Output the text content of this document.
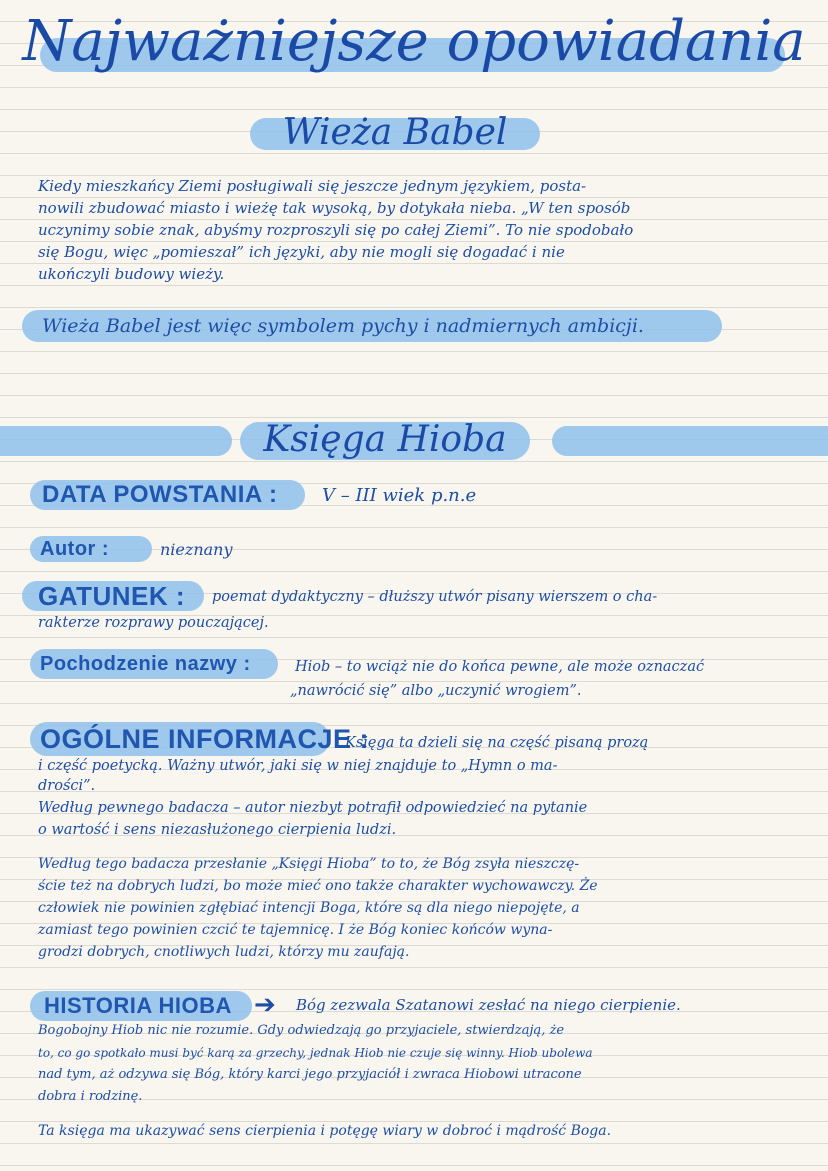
Najważniejsze opowiadania
Wieża Babel

Kiedy mieszkańcy Ziemi posługiwali się jeszcze jednym językiem, posta-

nowili zbudować miasto i wieżę tak wysoką, by dotykała nieba. „W ten sposób

uczynimy sobie znak, abyśmy rozproszyli się po całej Ziemi”. To nie spodobało

się Bogu, więc „pomieszał” ich języki, aby nie mogli się dogadać i nie

ukończyli budowy wieży.

Wieża Babel jest więc symbolem pychy i nadmiernych ambicji.

Księga Hioba

DATA POWSTANIA : V – III wiek p.n.e

Autor :	nieznany

GATUNEK : poemat dydaktyczny – dłuższy utwór pisany wierszem o cha-

rakterze rozprawy pouczającej.

Pochodzenie nazwy :	Hiob – to wciąż nie do końca pewne, ale może oznaczać

„nawrócić się” albo „uczynić wrogiem”.

OGÓLNE INFORMACJE :

Księga ta dzieli się na część pisaną prozą

i część poetycką. Ważny utwór, jaki się w niej znajduje to „Hymn o ma-

drości”.

Według pewnego badacza – autor niezbyt potrafił odpowiedzieć na pytanie

o wartość i sens niezasłużonego cierpienia ludzi.

Według tego badacza przesłanie „Księgi Hioba” to to, że Bóg zsyła nieszczę-

ście też na dobrych ludzi, bo może mieć ono także charakter wychowawczy. Że

człowiek nie powinien zgłębiać intencji Boga, które są dla niego niepojęte, a

zamiast tego powinien czcić te tajemnicę. I że Bóg koniec końców wyna-

grodzi dobrych, cnotliwych ludzi, którzy mu zaufają.

HISTORIA HIOBA ➔ Bóg zezwala Szatanowi zesłać na niego cierpienie.

Bogobojny Hiob nic nie rozumie. Gdy odwiedzają go przyjaciele, stwierdzają, że

to, co go spotkało musi być karą za grzechy, jednak Hiob nie czuje się winny. Hiob ubolewa

nad tym, aż odzywa się Bóg, który karci jego przyjaciół i zwraca Hiobowi utracone

dobra i rodzinę.

Ta księga ma ukazywać sens cierpienia i potęgę wiary w dobroć i mądrość Boga.
